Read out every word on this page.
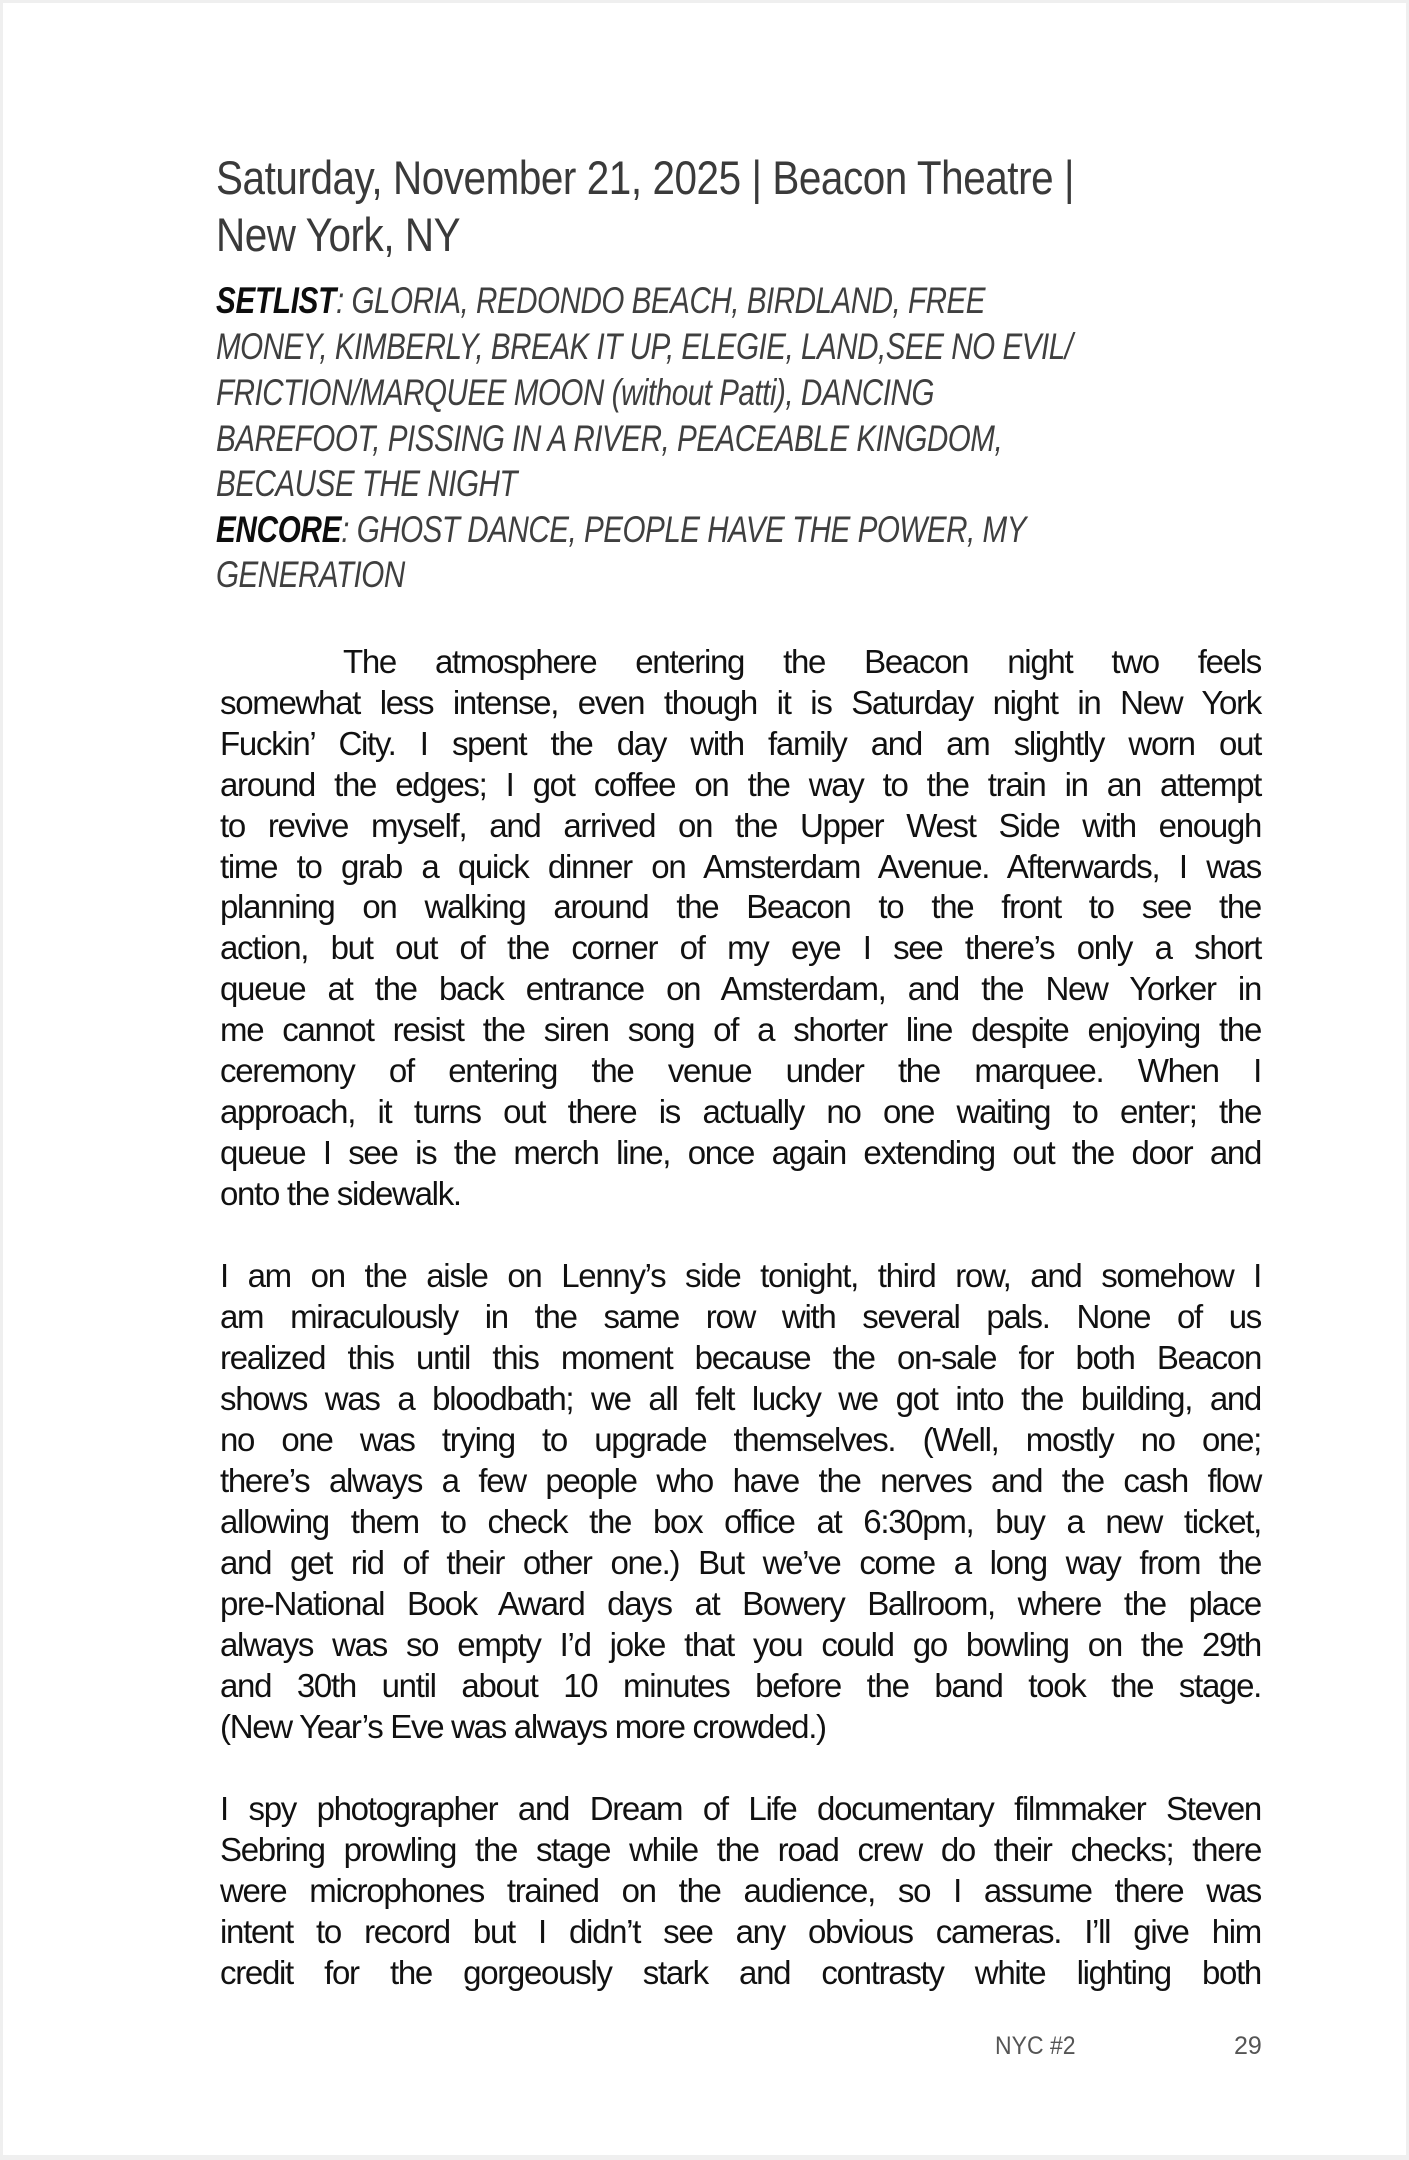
Saturday, November 21, 2025 | Beacon Theatre |
New York, NY
SETLIST: GLORIA, REDONDO BEACH, BIRDLAND, FREE
MONEY, KIMBERLY, BREAK IT UP, ELEGIE, LAND,SEE NO EVIL/
FRICTION/MARQUEE MOON (without Patti), DANCING
BAREFOOT, PISSING IN A RIVER, PEACEABLE KINGDOM,
BECAUSE THE NIGHT
ENCORE: GHOST DANCE, PEOPLE HAVE THE POWER, MY
GENERATION
The atmosphere entering the Beacon night two feels
somewhat less intense, even though it is Saturday night in New York
Fuckin’ City. I spent the day with family and am slightly worn out
around the edges; I got coffee on the way to the train in an attempt
to revive myself, and arrived on the Upper West Side with enough
time to grab a quick dinner on Amsterdam Avenue. Afterwards, I was
planning on walking around the Beacon to the front to see the
action, but out of the corner of my eye I see there’s only a short
queue at the back entrance on Amsterdam, and the New Yorker in
me cannot resist the siren song of a shorter line despite enjoying the
ceremony of entering the venue under the marquee. When I
approach, it turns out there is actually no one waiting to enter; the
queue I see is the merch line, once again extending out the door and
onto the sidewalk.
I am on the aisle on Lenny’s side tonight, third row, and somehow I
am miraculously in the same row with several pals. None of us
realized this until this moment because the on-sale for both Beacon
shows was a bloodbath; we all felt lucky we got into the building, and
no one was trying to upgrade themselves. (Well, mostly no one;
there’s always a few people who have the nerves and the cash flow
allowing them to check the box office at 6:30pm, buy a new ticket,
and get rid of their other one.) But we’ve come a long way from the
pre-National Book Award days at Bowery Ballroom, where the place
always was so empty I’d joke that you could go bowling on the 29th
and 30th until about 10 minutes before the band took the stage.
(New Year’s Eve was always more crowded.)
I spy photographer and Dream of Life documentary filmmaker Steven
Sebring prowling the stage while the road crew do their checks; there
were microphones trained on the audience, so I assume there was
intent to record but I didn’t see any obvious cameras. I’ll give him
credit for the gorgeously stark and contrasty white lighting both
NYC #2	29
